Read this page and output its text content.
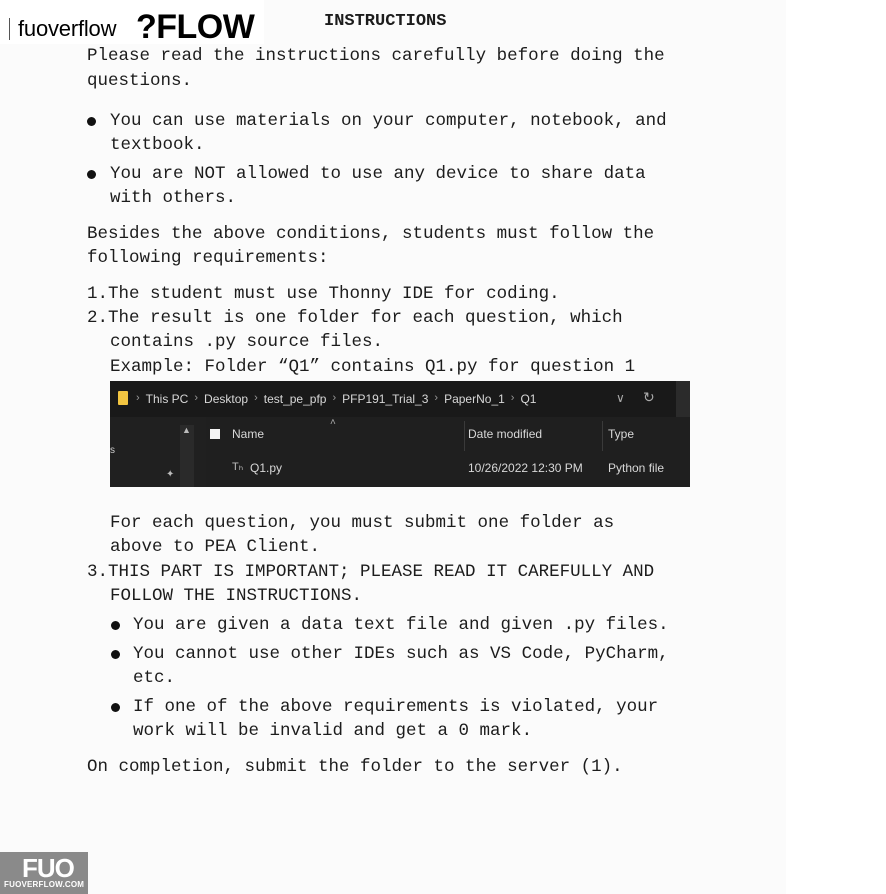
fuoverflow ?FLOW	INSTRUCTIONS
Please read the instructions carefully before doing the
questions.
You can use materials on your computer, notebook, and
textbook.
You are NOT allowed to use any device to share data
with others.
Besides the above conditions, students must follow the
following requirements:
1.The student must use Thonny IDE for coding.
2.The result is one folder for each question, which
contains .py source files.
Example: Folder “Q1” contains Q1.py for question 1
› This PC › Desktop › test_pe_pfp › PFP191_Trial_3 › PaperNo_1 › Q1	∨ ↻
s
▲
✦
˄
Name	Date modified	Type
Tₕ Q1.py	10/26/2022 12:30 PM Python file
For each question, you must submit one folder as
above to PEA Client.
3.THIS PART IS IMPORTANT; PLEASE READ IT CAREFULLY AND
FOLLOW THE INSTRUCTIONS.
You are given a data text file and given .py files.
You cannot use other IDEs such as VS Code, PyCharm,
etc.
If one of the above requirements is violated, your
work will be invalid and get a 0 mark.
On completion, submit the folder to the server (1).
FUO
FUOVERFLOW.COM
